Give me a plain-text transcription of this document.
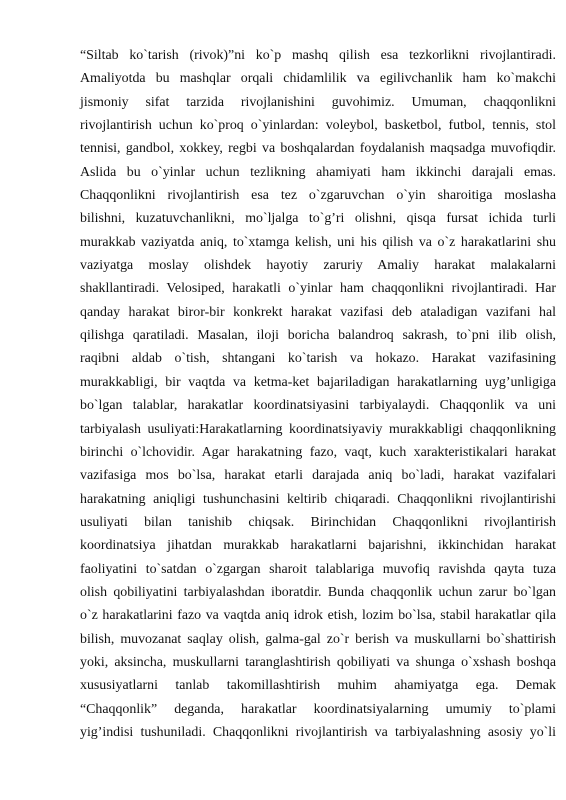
“Siltab ko`tarish (rivok)”ni ko`p mashq qilish esa tezkorlikni rivojlantiradi.
Amaliyotda bu mashqlar orqali chidamlilik va egilivchanlik ham ko`makchi
jismoniy sifat tarzida rivojlanishini guvohimiz. Umuman, chaqqonlikni
rivojlantirish uchun ko`proq o`yinlardan: voleybol, basketbol, futbol, tennis, stol
tennisi, gandbol, xokkey, regbi va boshqalardan foydalanish maqsadga muvofiqdir.
Aslida bu o`yinlar uchun tezlikning ahamiyati ham ikkinchi darajali emas.
Chaqqonlikni rivojlantirish esa tez o`zgaruvchan o`yin sharoitiga moslasha
bilishni, kuzatuvchanlikni, mo`ljalga to`g’ri olishni, qisqa fursat ichida turli
murakkab vaziyatda aniq, to`xtamga kelish, uni his qilish va o`z harakatlarini shu
vaziyatga moslay olishdek hayotiy zaruriy Amaliy harakat malakalarni
shakllantiradi. Velosiped, harakatli o`yinlar ham chaqqonlikni rivojlantiradi. Har
qanday harakat biror-bir konkrekt harakat vazifasi deb ataladigan vazifani hal
qilishga qaratiladi. Masalan, iloji boricha balandroq sakrash, to`pni ilib olish,
raqibni aldab o`tish, shtangani ko`tarish va hokazo. Harakat vazifasining
murakkabligi, bir vaqtda va ketma-ket bajariladigan harakatlarning uyg’unligiga
bo`lgan talablar, harakatlar koordinatsiyasini tarbiyalaydi. Chaqqonlik va uni
tarbiyalash usuliyati:Harakatlarning koordinatsiyaviy murakkabligi chaqqonlikning
birinchi o`lchovidir. Agar harakatning fazo, vaqt, kuch xarakteristikalari harakat
vazifasiga mos bo`lsa, harakat etarli darajada aniq bo`ladi, harakat vazifalari
harakatning aniqligi tushunchasini keltirib chiqaradi. Chaqqonlikni rivojlantirishi
usuliyati bilan tanishib chiqsak. Birinchidan Chaqqonlikni rivojlantirish
koordinatsiya jihatdan murakkab harakatlarni bajarishni, ikkinchidan harakat
faoliyatini to`satdan o`zgargan sharoit talablariga muvofiq ravishda qayta tuza
olish qobiliyatini tarbiyalashdan iboratdir. Bunda chaqqonlik uchun zarur bo`lgan
o`z harakatlarini fazo va vaqtda aniq idrok etish, lozim bo`lsa, stabil harakatlar qila
bilish, muvozanat saqlay olish, galma-gal zo`r berish va muskullarni bo`shattirish
yoki, aksincha, muskullarni taranglashtirish qobiliyati va shunga o`xshash boshqa
xususiyatlarni tanlab takomillashtirish muhim ahamiyatga ega. Demak
“Chaqqonlik” deganda, harakatlar koordinatsiyalarning umumiy to`plami
yig’indisi tushuniladi. Chaqqonlikni rivojlantirish va tarbiyalashning asosiy yo`li
